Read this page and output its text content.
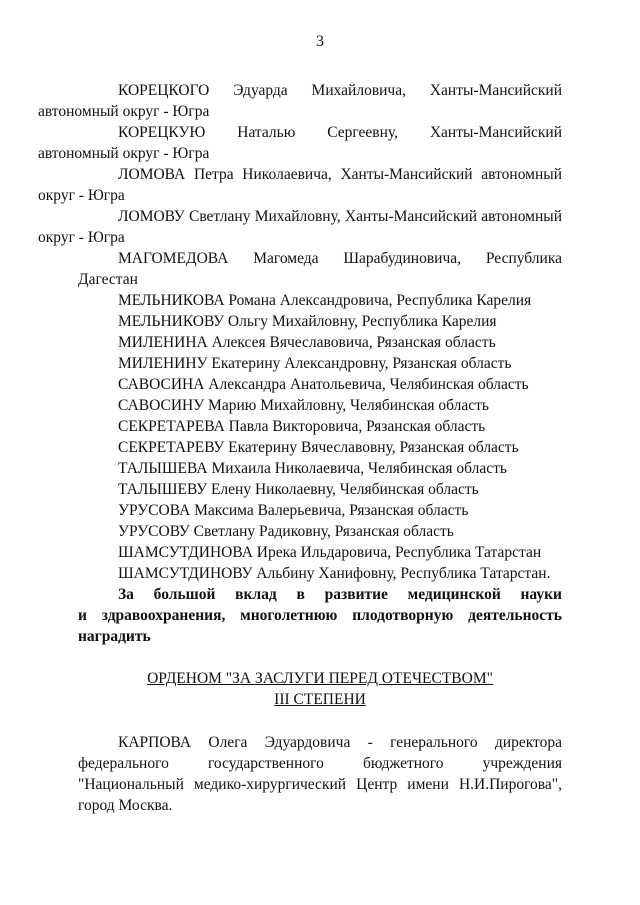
3
КОРЕЦКОГО Эдуарда Михайловича, Ханты-Мансийский
автономный округ - Югра
КОРЕЦКУЮ Наталью Сергеевну, Ханты-Мансийский
автономный округ - Югра
ЛОМОВА Петра Николаевича, Ханты-Мансийский автономный
округ - Югра
ЛОМОВУ Светлану Михайловну, Ханты-Мансийский автономный
округ - Югра
МАГОМЕДОВА Магомеда Шарабудиновича, Республика Дагестан
МЕЛЬНИКОВА Романа Александровича, Республика Карелия
МЕЛЬНИКОВУ Ольгу Михайловну, Республика Карелия
МИЛЕНИНА Алексея Вячеславовича, Рязанская область
МИЛЕНИНУ Екатерину Александровну, Рязанская область
САВОСИНА Александра Анатольевича, Челябинская область
САВОСИНУ Марию Михайловну, Челябинская область
СЕКРЕТАРЕВА Павла Викторовича, Рязанская область
СЕКРЕТАРЕВУ Екатерину Вячеславовну, Рязанская область
ТАЛЫШЕВА Михаила Николаевича, Челябинская область
ТАЛЫШЕВУ Елену Николаевну, Челябинская область
УРУСОВА Максима Валерьевича, Рязанская область
УРУСОВУ Светлану Радиковну, Рязанская область
ШАМСУТДИНОВА Ирека Ильдаровича, Республика Татарстан
ШАМСУТДИНОВУ Альбину Ханифовну, Республика Татарстан.
За большой вклад в развитие медицинской науки
и здравоохранения, многолетнюю плодотворную деятельность
наградить
ОРДЕНОМ "ЗА ЗАСЛУГИ ПЕРЕД ОТЕЧЕСТВОМ"
III СТЕПЕНИ
КАРПОВА Олега Эдуардовича - генерального директора
федерального государственного бюджетного учреждения
"Национальный медико-хирургический Центр имени Н.И.Пирогова",
город Москва.
